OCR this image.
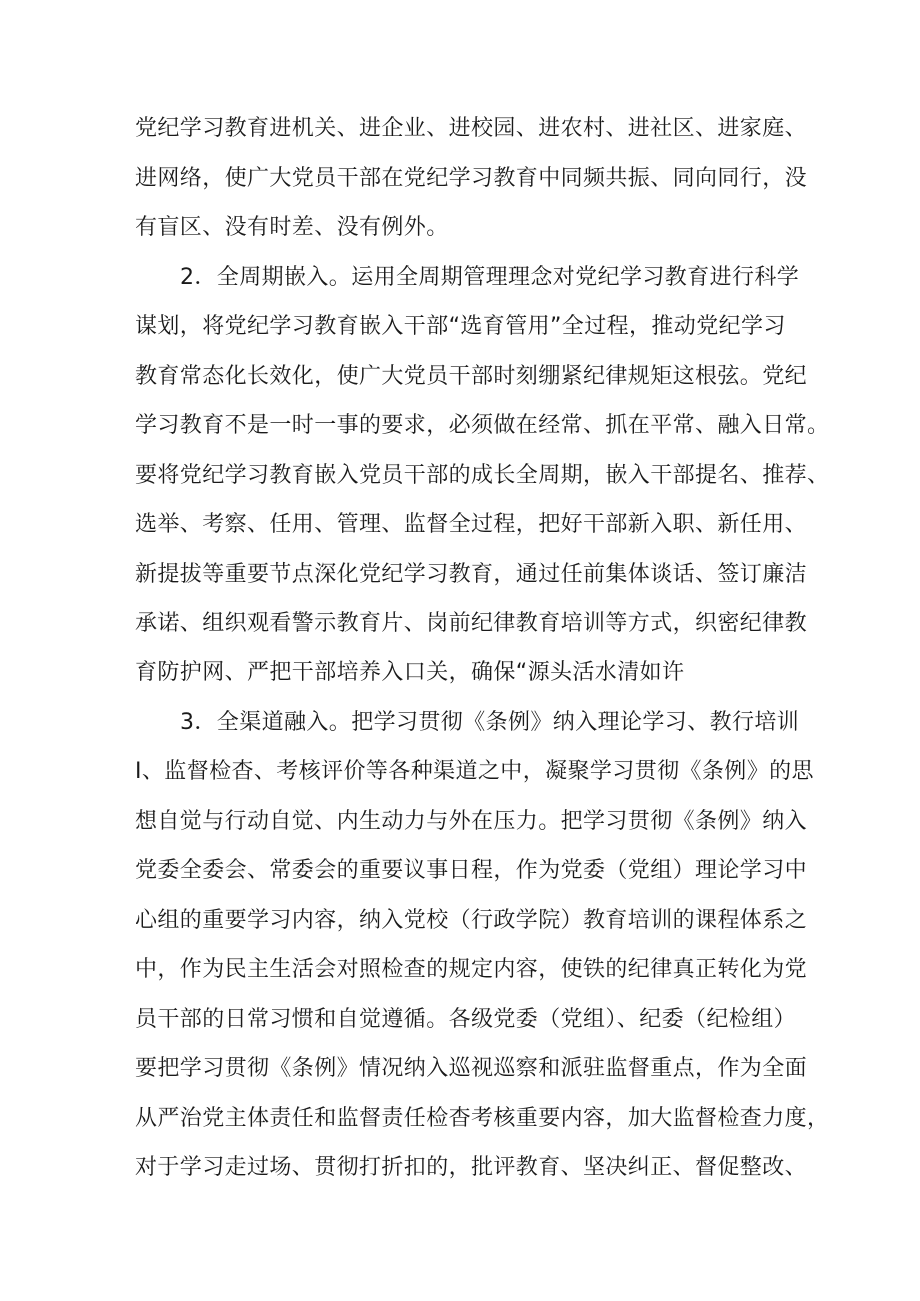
党纪学习教育进机关、进企业、进校园、进农村、进社区、进家庭、
进网络，使广大党员干部在党纪学习教育中同频共振、同向同行，没
有盲区、没有时差、没有例外。
2．全周期嵌入。运用全周期管理理念对党纪学习教育进行科学
谋划，将党纪学习教育嵌入干部“选育管用”全过程，推动党纪学习
教育常态化长效化，使广大党员干部时刻绷紧纪律规矩这根弦。党纪
学习教育不是一时一事的要求，必须做在经常、抓在平常、融入日常。
要将党纪学习教育嵌入党员干部的成长全周期，嵌入干部提名、推荐、
选举、考察、任用、管理、监督全过程，把好干部新入职、新任用、
新提拔等重要节点深化党纪学习教育，通过任前集体谈话、签订廉洁
承诺、组织观看警示教育片、岗前纪律教育培训等方式，织密纪律教
育防护网、严把干部培养入口关，确保“源头活水清如许
3．全渠道融入。把学习贯彻《条例》纳入理论学习、教行培训
I、监督检杳、考核评价等各种渠道之中，凝聚学习贯彻《条例》的思
想自觉与行动自觉、内生动力与外在压力。把学习贯彻《条例》纳入
党委全委会、常委会的重要议事日程，作为党委（党组）理论学习中
心组的重要学习内容，纳入党校（行政学院）教育培训的课程体系之
中，作为民主生活会对照检查的规定内容，使铁的纪律真正转化为党
员干部的日常习惯和自觉遵循。各级党委（党组）、纪委（纪检组）
要把学习贯彻《条例》情况纳入巡视巡察和派驻监督重点，作为全面
从严治党主体责任和监督责任检杳考核重要内容，加大监督检查力度，
对于学习走过场、贯彻打折扣的，批评教育、坚决纠正、督促整改、
